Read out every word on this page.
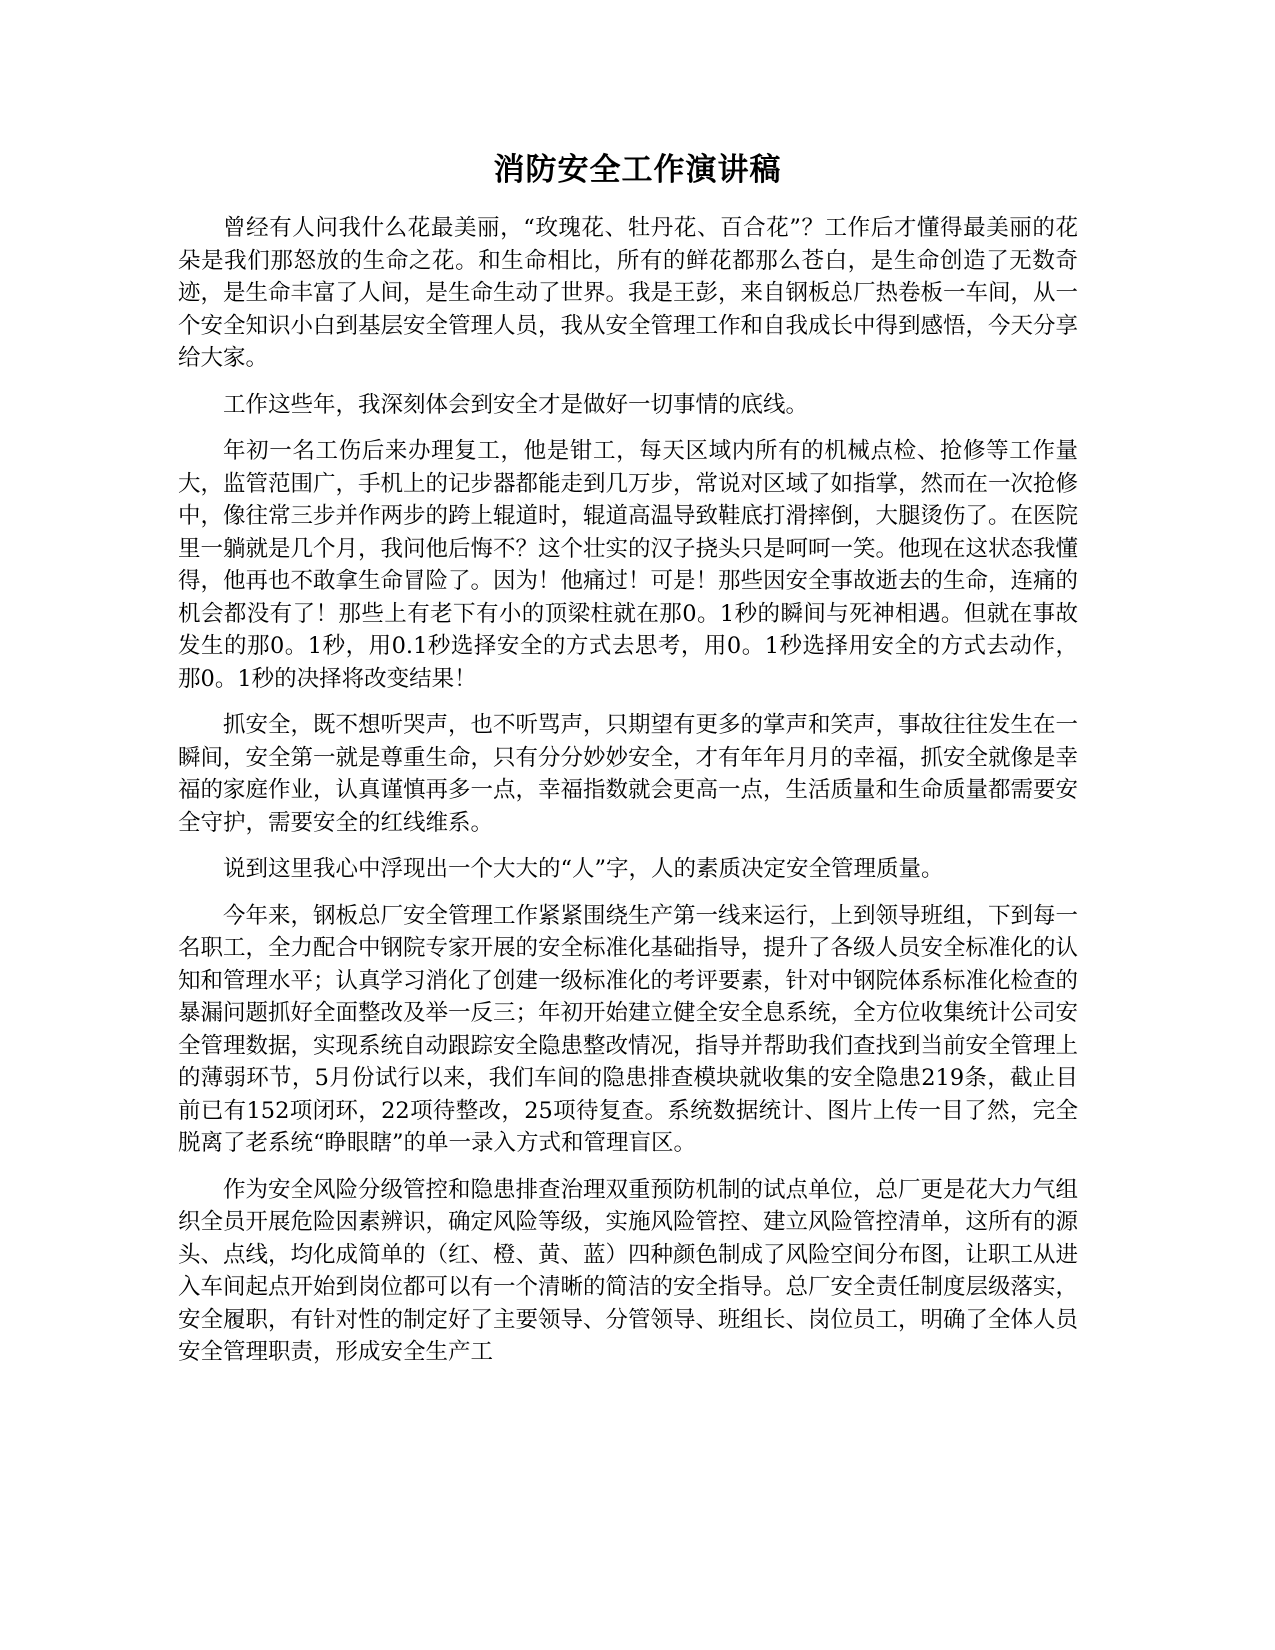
消防安全工作演讲稿

曾经有人问我什么花最美丽，“玫瑰花、牡丹花、百合花”？工作后才懂得最美丽的花朵是我们那怒放的生命之花。和生命相比，所有的鲜花都那么苍白，是生命创造了无数奇迹，是生命丰富了人间，是生命生动了世界。我是王彭，来自钢板总厂热卷板一车间，从一个安全知识小白到基层安全管理人员，我从安全管理工作和自我成长中得到感悟，今天分享给大家。

工作这些年，我深刻体会到安全才是做好一切事情的底线。

年初一名工伤后来办理复工，他是钳工，每天区域内所有的机械点检、抢修等工作量大，监管范围广，手机上的记步器都能走到几万步，常说对区域了如指掌，然而在一次抢修中，像往常三步并作两步的跨上辊道时，辊道高温导致鞋底打滑摔倒，大腿烫伤了。在医院里一躺就是几个月，我问他后悔不？这个壮实的汉子挠头只是呵呵一笑。他现在这状态我懂得，他再也不敢拿生命冒险了。因为！他痛过！可是！那些因安全事故逝去的生命，连痛的机会都没有了！那些上有老下有小的顶梁柱就在那0。1秒的瞬间与死神相遇。但就在事故发生的那0。1秒，用0.1秒选择安全的方式去思考，用0。1秒选择用安全的方式去动作，那0。1秒的决择将改变结果！

抓安全，既不想听哭声，也不听骂声，只期望有更多的掌声和笑声，事故往往发生在一瞬间，安全第一就是尊重生命，只有分分妙妙安全，才有年年月月的幸福，抓安全就像是幸福的家庭作业，认真谨慎再多一点，幸福指数就会更高一点，生活质量和生命质量都需要安全守护，需要安全的红线维系。

说到这里我心中浮现出一个大大的“人”字，人的素质决定安全管理质量。

今年来，钢板总厂安全管理工作紧紧围绕生产第一线来运行，上到领导班组，下到每一名职工，全力配合中钢院专家开展的安全标准化基础指导，提升了各级人员安全标准化的认知和管理水平；认真学习消化了创建一级标准化的考评要素，针对中钢院体系标准化检查的暴漏问题抓好全面整改及举一反三；年初开始建立健全安全息系统，全方位收集统计公司安全管理数据，实现系统自动跟踪安全隐患整改情况，指导并帮助我们查找到当前安全管理上的薄弱环节，5月份试行以来，我们车间的隐患排查模块就收集的安全隐患219条，截止目前已有152项闭环，22项待整改，25项待复查。系统数据统计、图片上传一目了然，完全脱离了老系统“睁眼瞎”的单一录入方式和管理盲区。

作为安全风险分级管控和隐患排查治理双重预防机制的试点单位，总厂更是花大力气组织全员开展危险因素辨识，确定风险等级，实施风险管控、建立风险管控清单，这所有的源头、点线，均化成简单的（红、橙、黄、蓝）四种颜色制成了风险空间分布图，让职工从进入车间起点开始到岗位都可以有一个清晰的简洁的安全指导。总厂安全责任制度层级落实，安全履职，有针对性的制定好了主要领导、分管领导、班组长、岗位员工，明确了全体人员安全管理职责，形成安全生产工
